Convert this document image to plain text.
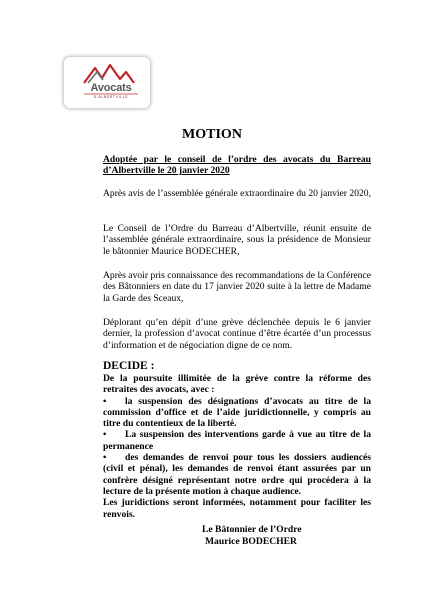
Avocats
D'ALBERTVILLE
MOTION
Adoptée par le conseil de l’ordre des avocats du Barreau d’Albertville le 20 janvier 2020
Après avis de l’assemblée générale extraordinaire du 20 janvier 2020,
Le Conseil de l’Ordre du Barreau d’Albertville, réunit ensuite de l’assemblée générale extraordinaire, sous la présidence de Monsieur le bâtonnier Maurice BODECHER,
Après avoir pris connaissance des recommandations de la Conférence des Bâtonniers en date du 17 janvier 2020 suite à la lettre de Madame la Garde des Sceaux,
Déplorant qu’en dépit d’une grève déclenchée depuis le 6 janvier dernier, la profession d’avocat continue d’être écartée d’un processus d’information et de négociation digne de ce nom.
DECIDE :

De la poursuite illimitée de la grève contre la réforme des retraites des avocats, avec :

• la suspension des désignations d’avocats au titre de la commission d’office et de l’aide juridictionnelle, y compris au titre du contentieux de la liberté.

• La suspension des interventions garde à vue au titre de la permanence

• des demandes de renvoi pour tous les dossiers audiencés (civil et pénal), les demandes de renvoi étant assurées par un confrère désigné représentant notre ordre qui procédera à la lecture de la présente motion à chaque audience.

Les juridictions seront informées, notamment pour faciliter les renvois.

Le Bâtonnier de l’Ordre
Maurice BODECHER
